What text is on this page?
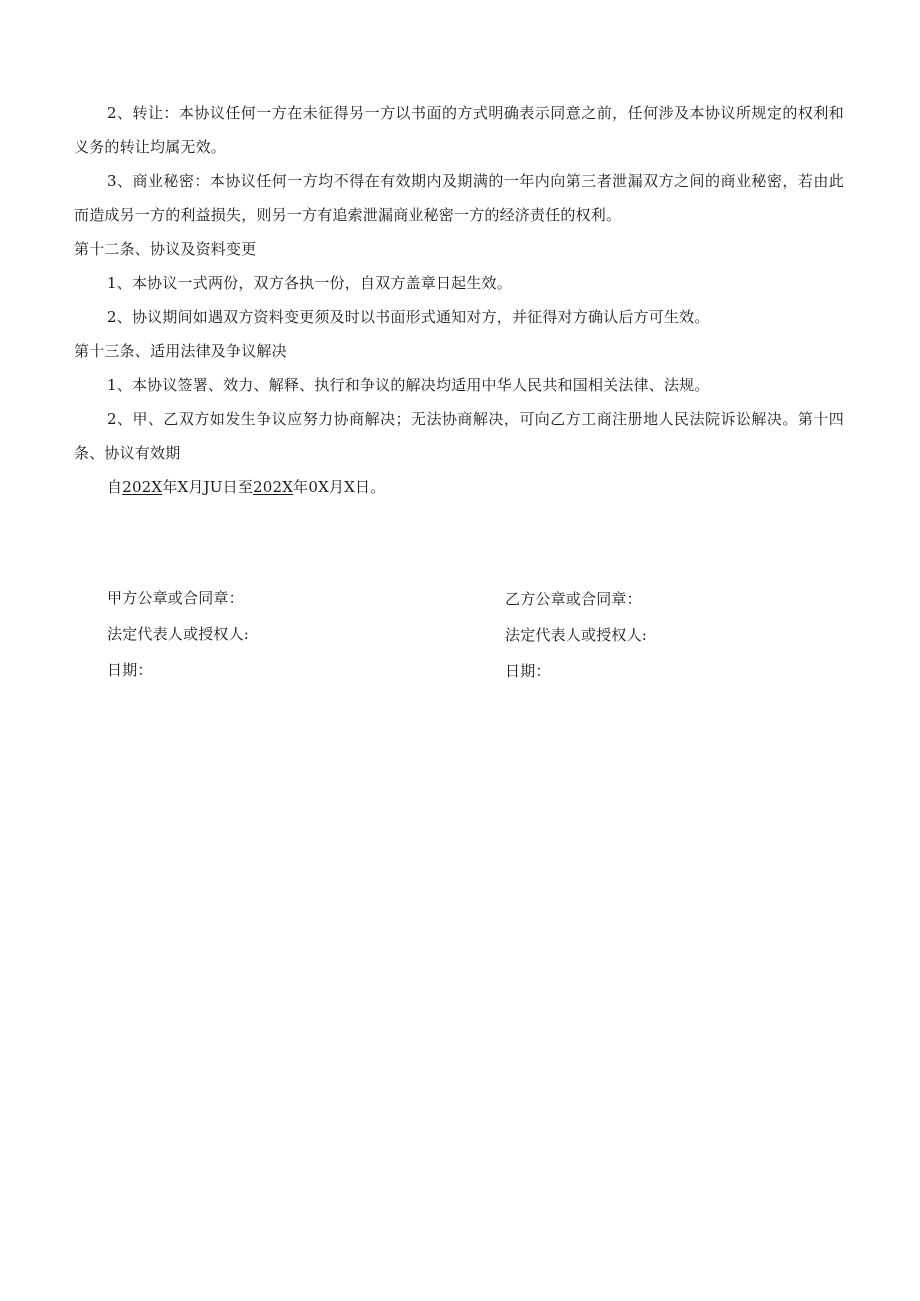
2、转让：本协议任何一方在未征得另一方以书面的方式明确表示同意之前，任何涉及本协议所规定的权利和义务的转让均属无效。

3、商业秘密：本协议任何一方均不得在有效期内及期满的一年内向第三者泄漏双方之间的商业秘密，若由此而造成另一方的利益损失，则另一方有追索泄漏商业秘密一方的经济责任的权利。

第十二条、协议及资料变更

1、本协议一式两份，双方各执一份，自双方盖章日起生效。

2、协议期间如遇双方资料变更须及时以书面形式通知对方，并征得对方确认后方可生效。

第十三条、适用法律及争议解决

1、本协议签署、效力、解释、执行和争议的解决均适用中华人民共和国相关法律、法规。

2、甲、乙双方如发生争议应努力协商解决；无法协商解决，可向乙方工商注册地人民法院诉讼解决。第十四条、协议有效期

自202X年X月JU日至202X年0X月X日。

甲方公章或合同章：
法定代表人或授权人:
日期：
乙方公章或合同章：
法定代表人或授权人:
日期：
